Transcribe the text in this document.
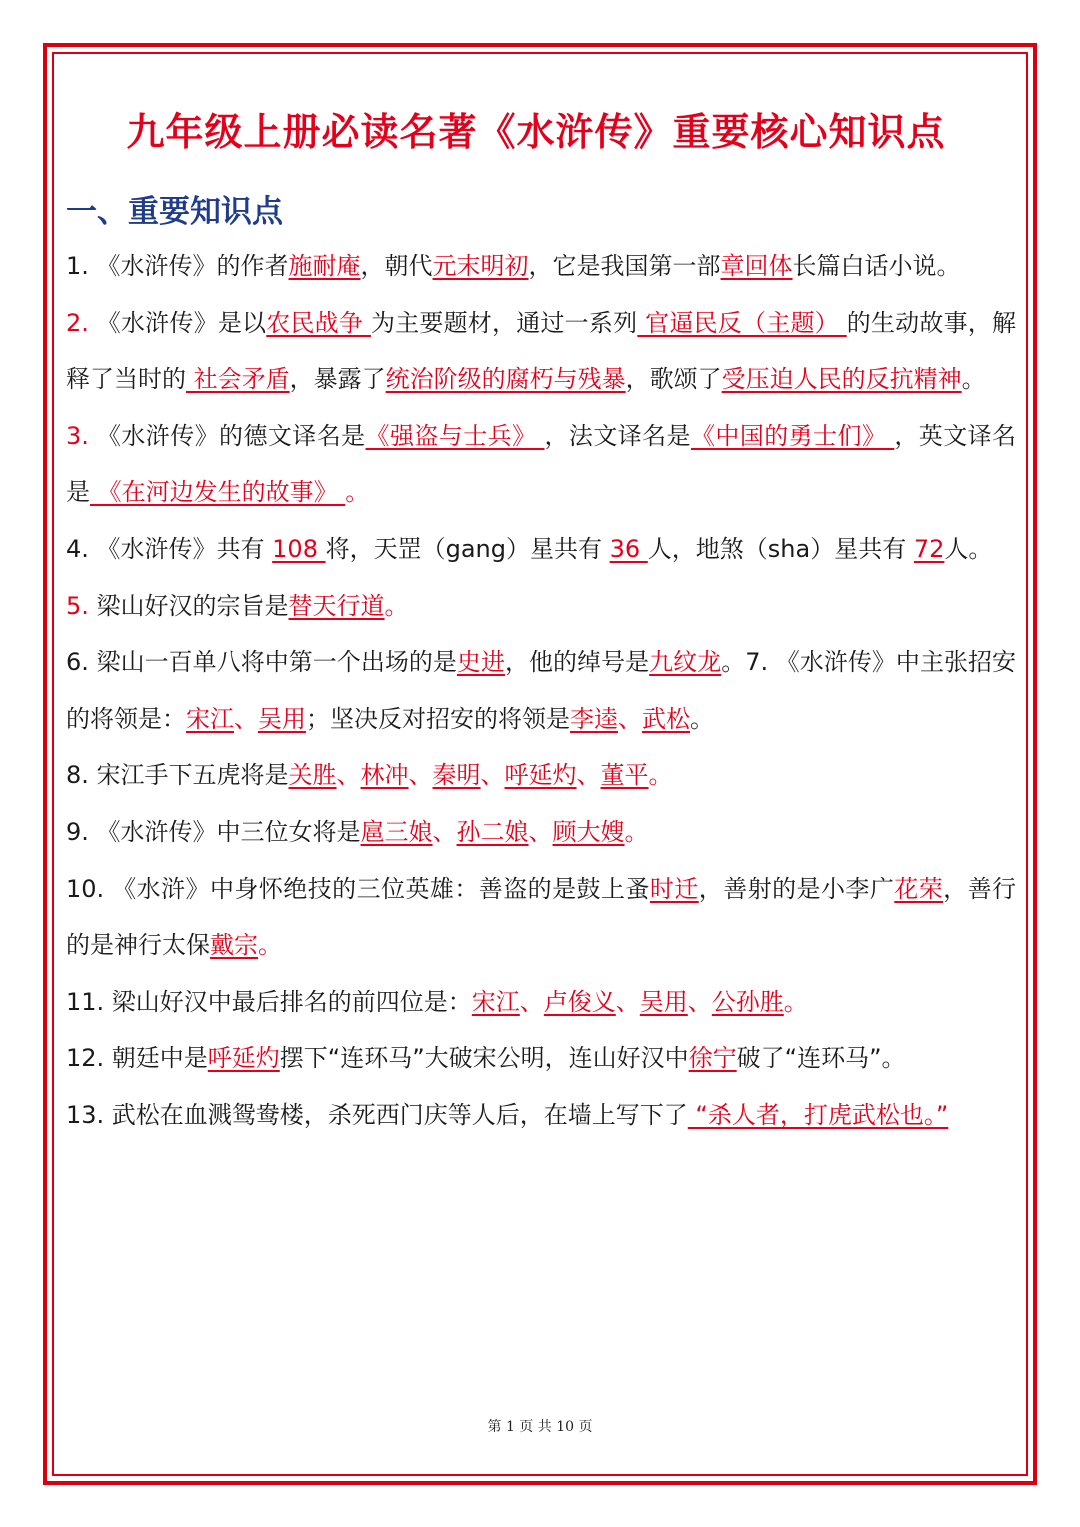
九年级上册必读名著《水浒传》重要核心知识点
一、重要知识点

1. 《水浒传》的作者施耐庵，朝代元末明初，它是我国第一部章回体长篇白话小说。

2. 《水浒传》是以农民战争 为主要题材，通过一系列 官逼民反（主题） 的生动故事，解释了当时的 社会矛盾，暴露了统治阶级的腐朽与残暴，歌颂了受压迫人民的反抗精神。

3. 《水浒传》的德文译名是《强盗与士兵》 ，法文译名是《中国的勇士们》 ，英文译名是 《在河边发生的故事》 。

4. 《水浒传》共有 108 将，天罡（gang）星共有 36 人，地煞（sha）星共有 72人。

5. 梁山好汉的宗旨是替天行道。

6. 梁山一百单八将中第一个出场的是史进，他的绰号是九纹龙。7. 《水浒传》中主张招安的将领是：宋江、吴用；坚决反对招安的将领是李逵、武松。

8. 宋江手下五虎将是关胜、林冲、秦明、呼延灼、董平。

9. 《水浒传》中三位女将是扈三娘、孙二娘、顾大嫂。

10. 《水浒》中身怀绝技的三位英雄：善盗的是鼓上蚤时迁，善射的是小李广花荣，善行的是神行太保戴宗。

11. 梁山好汉中最后排名的前四位是：宋江、卢俊义、吴用、公孙胜。

12. 朝廷中是呼延灼摆下“连环马”大破宋公明，连山好汉中徐宁破了“连环马”。

13. 武松在血溅鸳鸯楼，杀死西门庆等人后，在墙上写下了 “杀人者，打虎武松也。”

第 1 页 共 10 页
